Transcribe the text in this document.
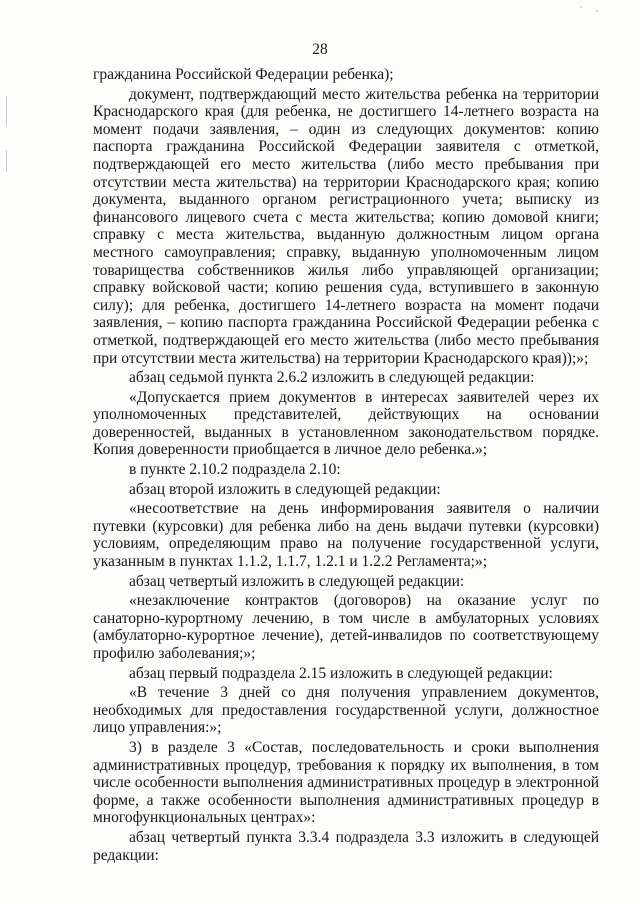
28

гражданина Российской Федерации ребенка);

документ, подтверждающий место жительства ребенка на территории Краснодарского края (для ребенка, не достигшего 14-летнего возраста на момент подачи заявления, – один из следующих документов: копию паспорта гражданина Российской Федерации заявителя с отметкой, подтверждающей его место жительства (либо место пребывания при отсутствии места жительства) на территории Краснодарского края; копию документа, выданного органом регистрационного учета; выписку из финансового лицевого счета с места жительства; копию домовой книги; справку с места жительства, выданную должностным лицом органа местного самоуправления; справку, выданную уполномоченным лицом товарищества собственников жилья либо управляющей организации; справку войсковой части; копию решения суда, вступившего в законную силу); для ребенка, достигшего 14-летнего возраста на момент подачи заявления, – копию паспорта гражданина Российской Федерации ребенка с отметкой, подтверждающей его место жительства (либо место пребывания при отсутствии места жительства) на территории Краснодарского края));»;

абзац седьмой пункта 2.6.2 изложить в следующей редакции:

«Допускается прием документов в интересах заявителей через их уполномоченных представителей, действующих на основании доверенностей, выданных в установленном законодательством порядке. Копия доверенности приобщается в личное дело ребенка.»;

в пункте 2.10.2 подраздела 2.10:

абзац второй изложить в следующей редакции:

«несоответствие на день информирования заявителя о наличии путевки (курсовки) для ребенка либо на день выдачи путевки (курсовки) условиям, определяющим право на получение государственной услуги, указанным в пунктах 1.1.2, 1.1.7, 1.2.1 и 1.2.2 Регламента;»;

абзац четвертый изложить в следующей редакции:

«незаключение контрактов (договоров) на оказание услуг по санаторно-курортному лечению, в том числе в амбулаторных условиях (амбулаторно-курортное лечение), детей-инвалидов по соответствующему профилю заболевания;»;

абзац первый подраздела 2.15 изложить в следующей редакции:

«В течение 3 дней со дня получения управлением документов, необходимых для предоставления государственной услуги, должностное лицо управления:»;

3) в разделе 3 «Состав, последовательность и сроки выполнения административных процедур, требования к порядку их выполнения, в том числе особенности выполнения административных процедур в электронной форме, а также особенности выполнения административных процедур в многофункциональных центрах»:

абзац четвертый пункта 3.3.4 подраздела 3.3 изложить в следующей редакции:
